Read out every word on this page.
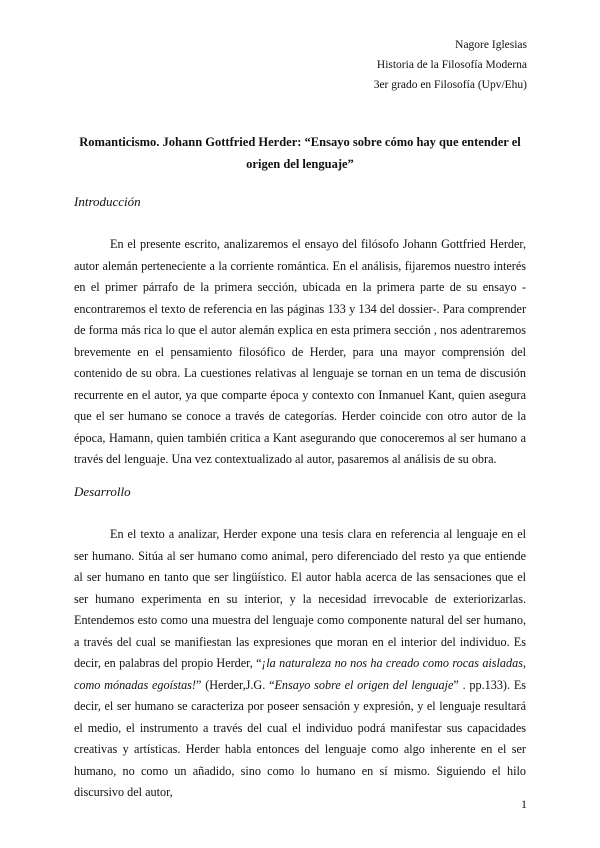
Nagore Iglesias
Historia de la Filosofía Moderna
3er grado en Filosofía (Upv/Ehu)
Romanticismo. Johann Gottfried Herder: “Ensayo sobre cómo hay que entender el origen del lenguaje”
Introducción

En el presente escrito, analizaremos el ensayo del filósofo Johann Gottfried Herder, autor alemán perteneciente a la corriente romántica. En el análisis, fijaremos nuestro interés en el primer párrafo de la primera sección, ubicada en la primera parte de su ensayo -encontraremos el texto de referencia en las páginas 133 y 134 del dossier-. Para comprender de forma más rica lo que el autor alemán explica en esta primera sección , nos adentraremos brevemente en el pensamiento filosófico de Herder, para una mayor comprensión del contenido de su obra. La cuestiones relativas al lenguaje se tornan en un tema de discusión recurrente en el autor, ya que comparte época y contexto con Inmanuel Kant, quien asegura que el ser humano se conoce a través de categorías. Herder coincide con otro autor de la época, Hamann, quien también critica a Kant asegurando que conoceremos al ser humano a través del lenguaje. Una vez contextualizado al autor, pasaremos al análisis de su obra.

Desarrollo

En el texto a analizar, Herder expone una tesis clara en referencia al lenguaje en el ser humano. Sitúa al ser humano como animal, pero diferenciado del resto ya que entiende al ser humano en tanto que ser lingüístico. El autor habla acerca de las sensaciones que el ser humano experimenta en su interior, y la necesidad irrevocable de exteriorizarlas. Entendemos esto como una muestra del lenguaje como componente natural del ser humano, a través del cual se manifiestan las expresiones que moran en el interior del individuo. Es decir, en palabras del propio Herder, “¡la naturaleza no nos ha creado como rocas aisladas, como mónadas egoístas!” (Herder,J.G. “Ensayo sobre el origen del lenguaje” . pp.133). Es decir, el ser humano se caracteriza por poseer sensación y expresión, y el lenguaje resultará el medio, el instrumento a través del cual el individuo podrá manifestar sus capacidades creativas y artísticas. Herder habla entonces del lenguaje como algo inherente en el ser humano, no como un añadido, sino como lo humano en sí mismo. Siguiendo el hilo discursivo del autor,

1
